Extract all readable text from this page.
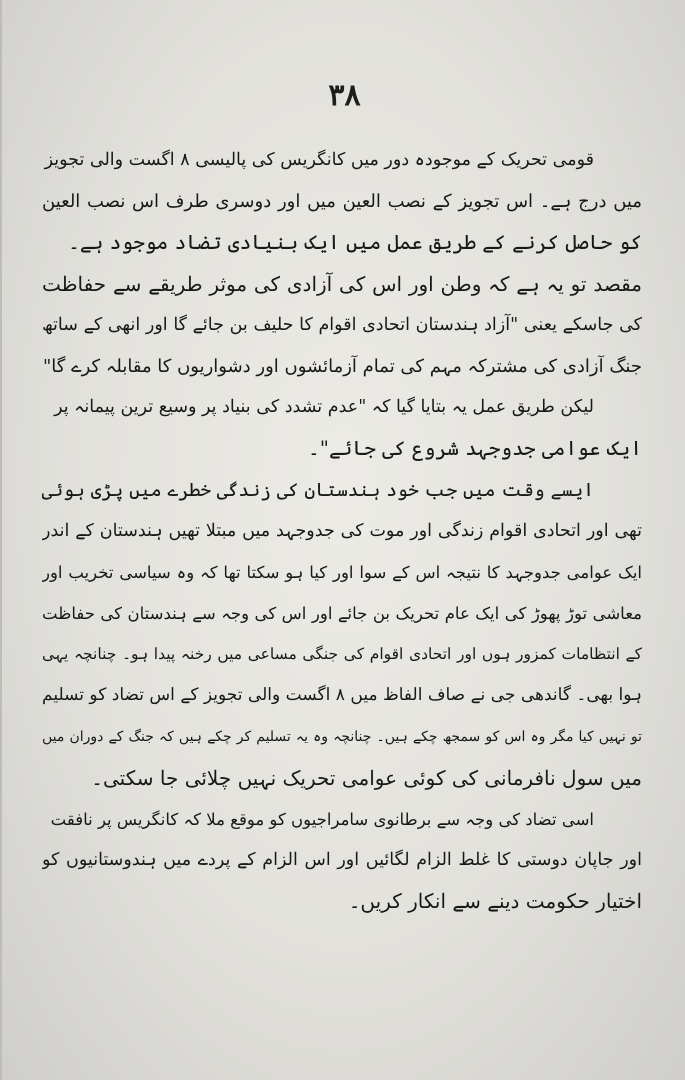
۳۸
قومی تحریک کے موجودہ دور میں کانگریس کی پالیسی ۸ اگست والی تجویز
میں درج ہے۔ اس تجویز کے نصب العین میں اور دوسری طرف اس نصب العین
کو حاصل کرنے کے طریق عمل میں ایک بنیادی تضاد موجود ہے۔
مقصد تو یہ ہے کہ وطن اور اس کی آزادی کی موثر طریقے سے حفاظت
کی جاسکے یعنی "آزاد ہندستان اتحادی اقوام کا حلیف بن جائے گا اور انھی کے ساتھ
جنگ آزادی کی مشترکہ مہم کی تمام آزمائشوں اور دشواریوں کا مقابلہ کرے گا"
لیکن طریق عمل یہ بتایا گیا کہ "عدم تشدد کی بنیاد پر وسیع ترین پیمانہ پر
ایک عوامی جدوجہد شروع کی جائے"۔
ایسے وقت میں جب خود ہندستان کی زندگی خطرے میں پڑی ہوئی
تھی اور اتحادی اقوام زندگی اور موت کی جدوجہد میں مبتلا تھیں ہندستان کے اندر
ایک عوامی جدوجہد کا نتیجہ اس کے سوا اور کیا ہو سکتا تھا کہ وہ سیاسی تخریب اور
معاشی توڑ پھوڑ کی ایک عام تحریک بن جائے اور اس کی وجہ سے ہندستان کی حفاظت
کے انتظامات کمزور ہوں اور اتحادی اقوام کی جنگی مساعی میں رخنہ پیدا ہو۔ چنانچہ یہی
ہوا بھی۔ گاندھی جی نے صاف الفاظ میں ۸ اگست والی تجویز کے اس تضاد کو تسلیم
تو نہیں کیا مگر وہ اس کو سمجھ چکے ہیں۔ چنانچہ وہ یہ تسلیم کر چکے ہیں کہ جنگ کے دوران میں
میں سول نافرمانی کی کوئی عوامی تحریک نہیں چلائی جا سکتی۔
اسی تضاد کی وجہ سے برطانوی سامراجیوں کو موقع ملا کہ کانگریس پر نافقت
اور جاپان دوستی کا غلط الزام لگائیں اور اس الزام کے پردے میں ہندوستانیوں کو
اختیار حکومت دینے سے انکار کریں۔
